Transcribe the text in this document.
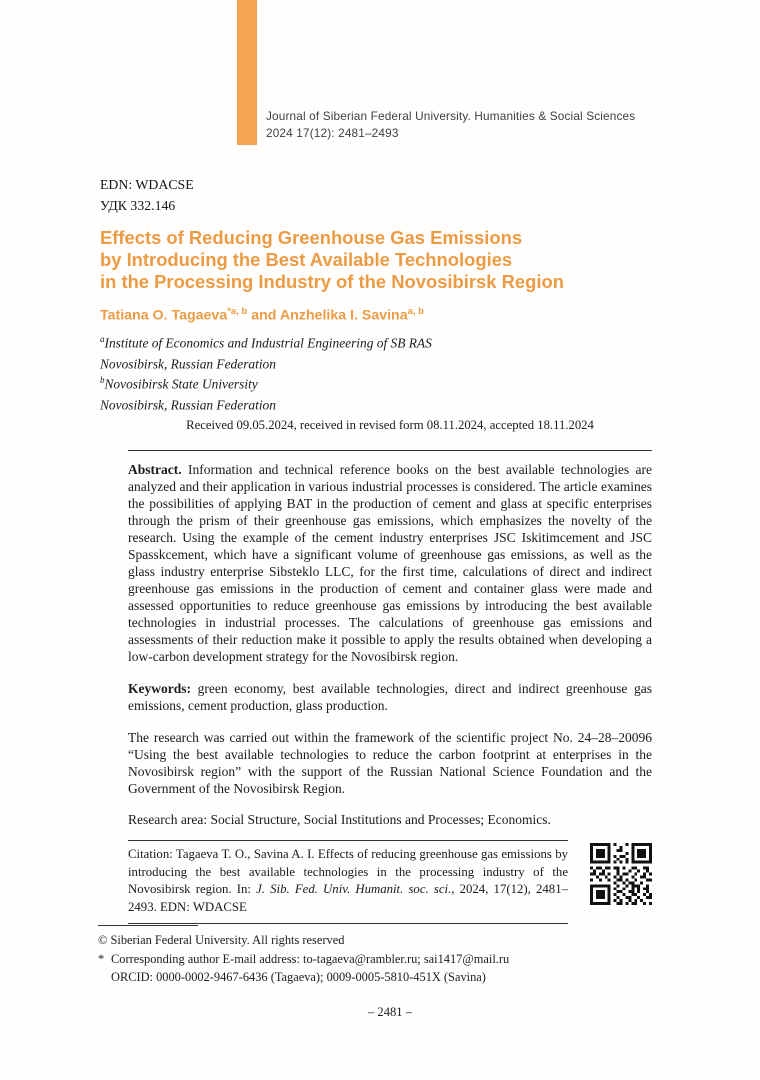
Journal of Siberian Federal University. Humanities & Social Sciences
2024 17(12): 2481–2493
EDN: WDACSE
УДК 332.146
Effects of Reducing Greenhouse Gas Emissions
by Introducing the Best Available Technologies
in the Processing Industry of the Novosibirsk Region
Tatiana O. Tagaeva$^{*a, b}$ and Anzhelika I. Savina$^{a, b}$
$^a$Institute of Economics and Industrial Engineering of SB RAS
Novosibirsk, Russian Federation
$^b$Novosibirsk State University
Novosibirsk, Russian Federation
Received 09.05.2024, received in revised form 08.11.2024, accepted 18.11.2024

Abstract. Information and technical reference books on the best available technologies are analyzed and their application in various industrial processes is considered. The article examines the possibilities of applying BAT in the production of cement and glass at specific enterprises through the prism of their greenhouse gas emissions, which emphasizes the novelty of the research. Using the example of the cement industry enterprises JSC Iskitimcement and JSC Spasskcement, which have a significant volume of greenhouse gas emissions, as well as the glass industry enterprise Sibsteklo LLC, for the first time, calculations of direct and indirect greenhouse gas emissions in the production of cement and container glass were made and assessed opportunities to reduce greenhouse gas emissions by introducing the best available technologies in industrial processes. The calculations of greenhouse gas emissions and assessments of their reduction make it possible to apply the results obtained when developing a low-carbon development strategy for the Novosibirsk region.

Keywords: green economy, best available technologies, direct and indirect greenhouse gas emissions, cement production, glass production.

The research was carried out within the framework of the scientific project No. 24–28–20096 “Using the best available technologies to reduce the carbon footprint at enterprises in the Novosibirsk region” with the support of the Russian National Science Foundation and the Government of the Novosibirsk Region.

Research area: Social Structure, Social Institutions and Processes; Economics.

Citation: Tagaeva T. O., Savina A. I. Effects of reducing greenhouse gas emissions by introducing the best available technologies in the processing industry of the Novosibirsk region. In: J. Sib. Fed. Univ. Humanit. soc. sci., 2024, 17(12), 2481–2493. EDN: WDACSE

© Siberian Federal University. All rights reserved
* Corresponding author E-mail address: to-tagaeva@rambler.ru; sai1417@mail.ru
ORCID: 0000-0002-9467-6436 (Tagaeva); 0009-0005-5810-451X (Savina)
– 2481 –
